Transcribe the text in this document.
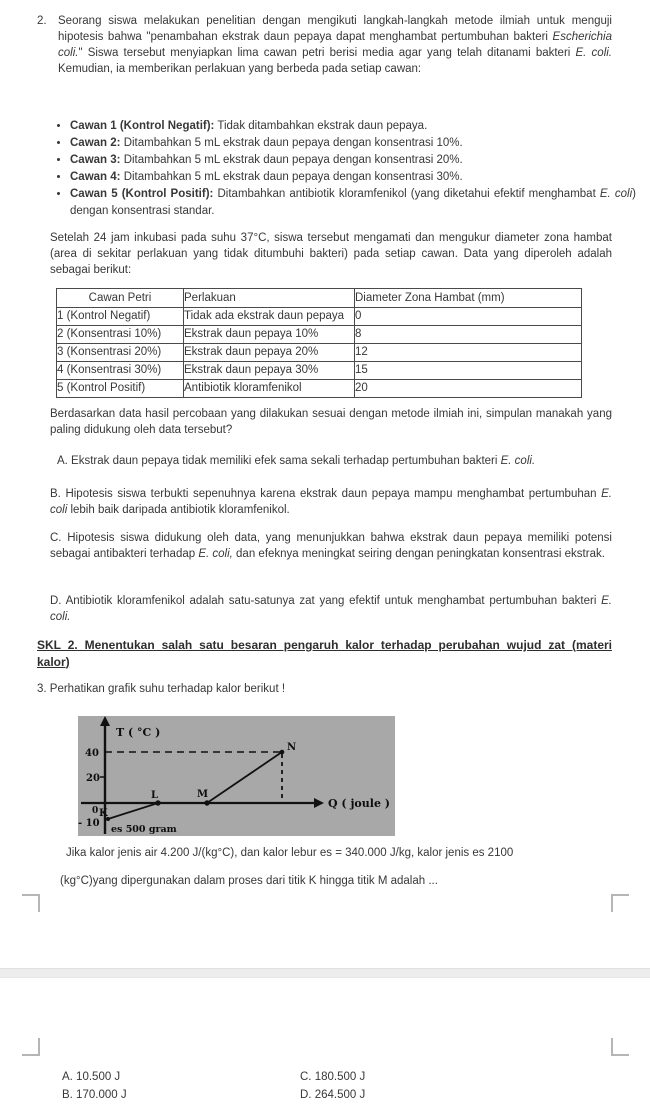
2. Seorang siswa melakukan penelitian dengan mengikuti langkah-langkah metode ilmiah untuk menguji hipotesis bahwa "penambahan ekstrak daun pepaya dapat menghambat pertumbuhan bakteri Escherichia coli." Siswa tersebut menyiapkan lima cawan petri berisi media agar yang telah ditanami bakteri E. coli. Kemudian, ia memberikan perlakuan yang berbeda pada setiap cawan:
• Cawan 1 (Kontrol Negatif): Tidak ditambahkan ekstrak daun pepaya.
• Cawan 2: Ditambahkan 5 mL ekstrak daun pepaya dengan konsentrasi 10%.
• Cawan 3: Ditambahkan 5 mL ekstrak daun pepaya dengan konsentrasi 20%.
• Cawan 4: Ditambahkan 5 mL ekstrak daun pepaya dengan konsentrasi 30%.
• Cawan 5 (Kontrol Positif): Ditambahkan antibiotik kloramfenikol (yang diketahui efektif menghambat E. coli) dengan konsentrasi standar.
Setelah 24 jam inkubasi pada suhu 37°C, siswa tersebut mengamati dan mengukur diameter zona hambat (area di sekitar perlakuan yang tidak ditumbuhi bakteri) pada setiap cawan. Data yang diperoleh adalah sebagai berikut:
Cawan Petri	Perlakuan	Diameter Zona Hambat (mm)
1 (Kontrol Negatif)	Tidak ada ekstrak daun pepaya	0
2 (Konsentrasi 10%)	Ekstrak daun pepaya 10%	8
3 (Konsentrasi 20%)	Ekstrak daun pepaya 20%	12
4 (Konsentrasi 30%)	Ekstrak daun pepaya 30%	15
5 (Kontrol Positif)	Antibiotik kloramfenikol	20
Berdasarkan data hasil percobaan yang dilakukan sesuai dengan metode ilmiah ini, simpulan manakah yang paling didukung oleh data tersebut?
A. Ekstrak daun pepaya tidak memiliki efek sama sekali terhadap pertumbuhan bakteri E. coli.
B. Hipotesis siswa terbukti sepenuhnya karena ekstrak daun pepaya mampu menghambat pertumbuhan E. coli lebih baik daripada antibiotik kloramfenikol.
C. Hipotesis siswa didukung oleh data, yang menunjukkan bahwa ekstrak daun pepaya memiliki potensi sebagai antibakteri terhadap E. coli, dan efeknya meningkat seiring dengan peningkatan konsentrasi ekstrak.
D. Antibiotik kloramfenikol adalah satu-satunya zat yang efektif untuk menghambat pertumbuhan bakteri E. coli.
SKL 2. Menentukan salah satu besaran pengaruh kalor terhadap perubahan wujud zat (materi
kalor)
3. Perhatikan grafik suhu terhadap kalor berikut !
T ( °C )
Q ( joule )
40
20
0
- 10
K
L	M
N
es 500 gram
Jika kalor jenis air 4.200 J/(kg°C), dan kalor lebur es = 340.000 J/kg, kalor jenis es 2100
(kg°C)yang dipergunakan dalam proses dari titik K hingga titik M adalah ...
A. 10.500 J
B. 170.000 J
C. 180.500 J
D. 264.500 J
